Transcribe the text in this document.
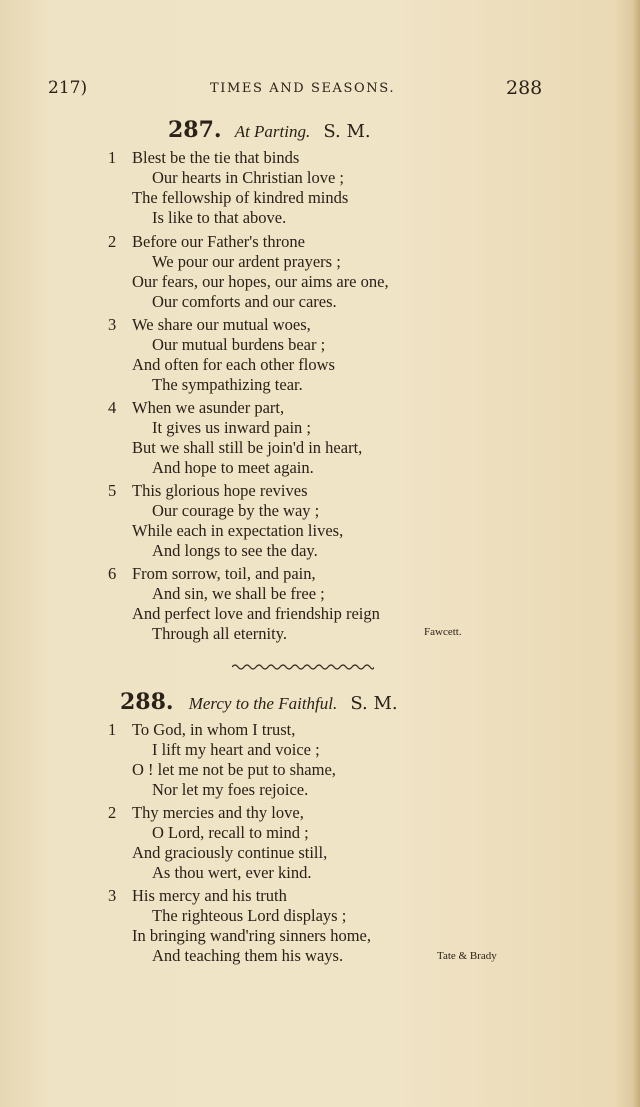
217)	TIMES AND SEASONS.	288
287. At Parting. S. M.
1 Blest be the tie that binds
Our hearts in Christian love ;
The fellowship of kindred minds
Is like to that above.
2 Before our Father's throne
We pour our ardent prayers ;
Our fears, our hopes, our aims are one,
Our comforts and our cares.
3 We share our mutual woes,
Our mutual burdens bear ;
And often for each other flows
The sympathizing tear.
4 When we asunder part,
It gives us inward pain ;
But we shall still be join'd in heart,
And hope to meet again.
5 This glorious hope revives
Our courage by the way ;
While each in expectation lives,
And longs to see the day.
6 From sorrow, toil, and pain,
And sin, we shall be free ;
And perfect love and friendship reign
Through all eternity.	Fawcett.
288. Mercy to the Faithful. S. M.
1 To God, in whom I trust,
I lift my heart and voice ;
O ! let me not be put to shame,
Nor let my foes rejoice.
2 Thy mercies and thy love,
O Lord, recall to mind ;
And graciously continue still,
As thou wert, ever kind.
3 His mercy and his truth
The righteous Lord displays ;
In bringing wand'ring sinners home,
And teaching them his ways.	Tate & Brady
